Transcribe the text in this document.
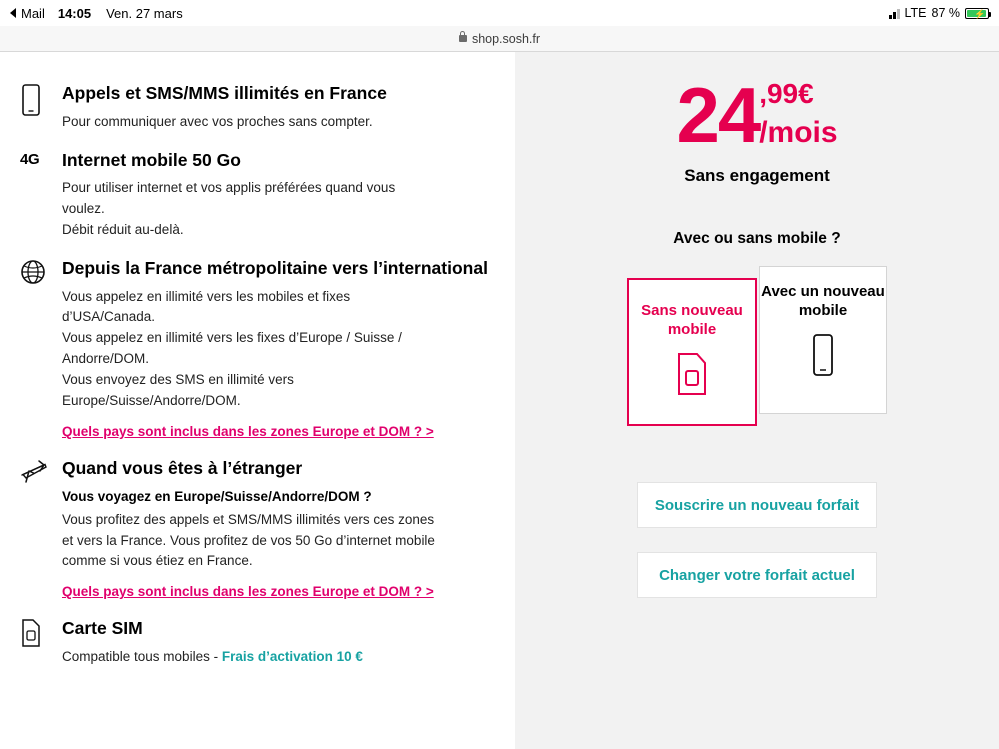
Mail 14:05 Ven. 27 mars	LTE 87 % ⚡
shop.sosh.fr

Appels et SMS/MMS illimités en France

Pour communiquer avec vos proches sans compter.

4G Internet mobile 50 Go

Pour utiliser internet et vos applis préférées quand vous

voulez.

Débit réduit au-delà.

Depuis la France métropolitaine vers l’international

Vous appelez en illimité vers les mobiles et fixes

d’USA/Canada.

Vous appelez en illimité vers les fixes d’Europe / Suisse /

Andorre/DOM.

Vous envoyez des SMS en illimité vers

Europe/Suisse/Andorre/DOM.

Quels pays sont inclus dans les zones Europe et DOM ? >

Quand vous êtes à l’étranger

Vous voyagez en Europe/Suisse/Andorre/DOM ?

Vous profitez des appels et SMS/MMS illimités vers ces zones

et vers la France. Vous profitez de vos 50 Go d’internet mobile

comme si vous étiez en France.

Quels pays sont inclus dans les zones Europe et DOM ? >

Carte SIM

Compatible tous mobiles - Frais d’activation 10 €

24 ,99€
/mois
Sans engagement
Avec ou sans mobile ?
Sans nouveau mobile
Avec un nouveau mobile
Souscrire un nouveau forfait
Changer votre forfait actuel
